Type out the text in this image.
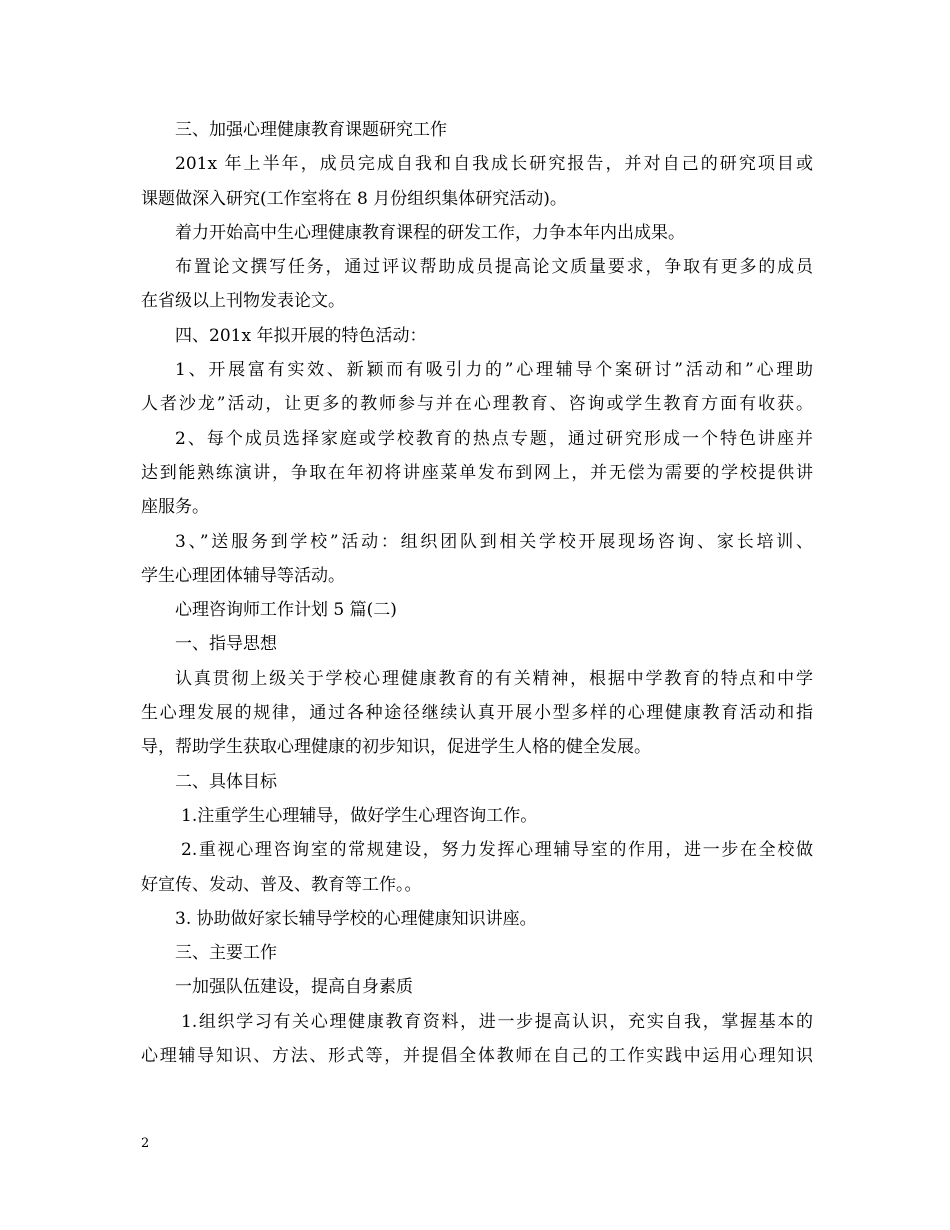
三、加强心理健康教育课题研究工作
201x 年上半年，成员完成自我和自我成长研究报告，并对自己的研究项目或
课题做深入研究(工作室将在 8 月份组织集体研究活动)。
着力开始高中生心理健康教育课程的研发工作，力争本年内出成果。
布置论文撰写任务，通过评议帮助成员提高论文质量要求，争取有更多的成员
在省级以上刊物发表论文。
四、201x 年拟开展的特色活动：
1、开展富有实效、新颖而有吸引力的”心理辅导个案研讨”活动和”心理助
人者沙龙”活动，让更多的教师参与并在心理教育、咨询或学生教育方面有收获。
2、每个成员选择家庭或学校教育的热点专题，通过研究形成一个特色讲座并
达到能熟练演讲，争取在年初将讲座菜单发布到网上，并无偿为需要的学校提供讲
座服务。
3、”送服务到学校”活动：组织团队到相关学校开展现场咨询、家长培训、
学生心理团体辅导等活动。
心理咨询师工作计划 5 篇(二)
一、指导思想
认真贯彻上级关于学校心理健康教育的有关精神，根据中学教育的特点和中学
生心理发展的规律，通过各种途径继续认真开展小型多样的心理健康教育活动和指
导，帮助学生获取心理健康的初步知识，促进学生人格的健全发展。
二、具体目标
1.注重学生心理辅导，做好学生心理咨询工作。
2.重视心理咨询室的常规建设，努力发挥心理辅导室的作用，进一步在全校做
好宣传、发动、普及、教育等工作。。
3. 协助做好家长辅导学校的心理健康知识讲座。
三、主要工作
一加强队伍建设，提高自身素质
1.组织学习有关心理健康教育资料，进一步提高认识，充实自我，掌握基本的
心理辅导知识、方法、形式等，并提倡全体教师在自己的工作实践中运用心理知识
2
